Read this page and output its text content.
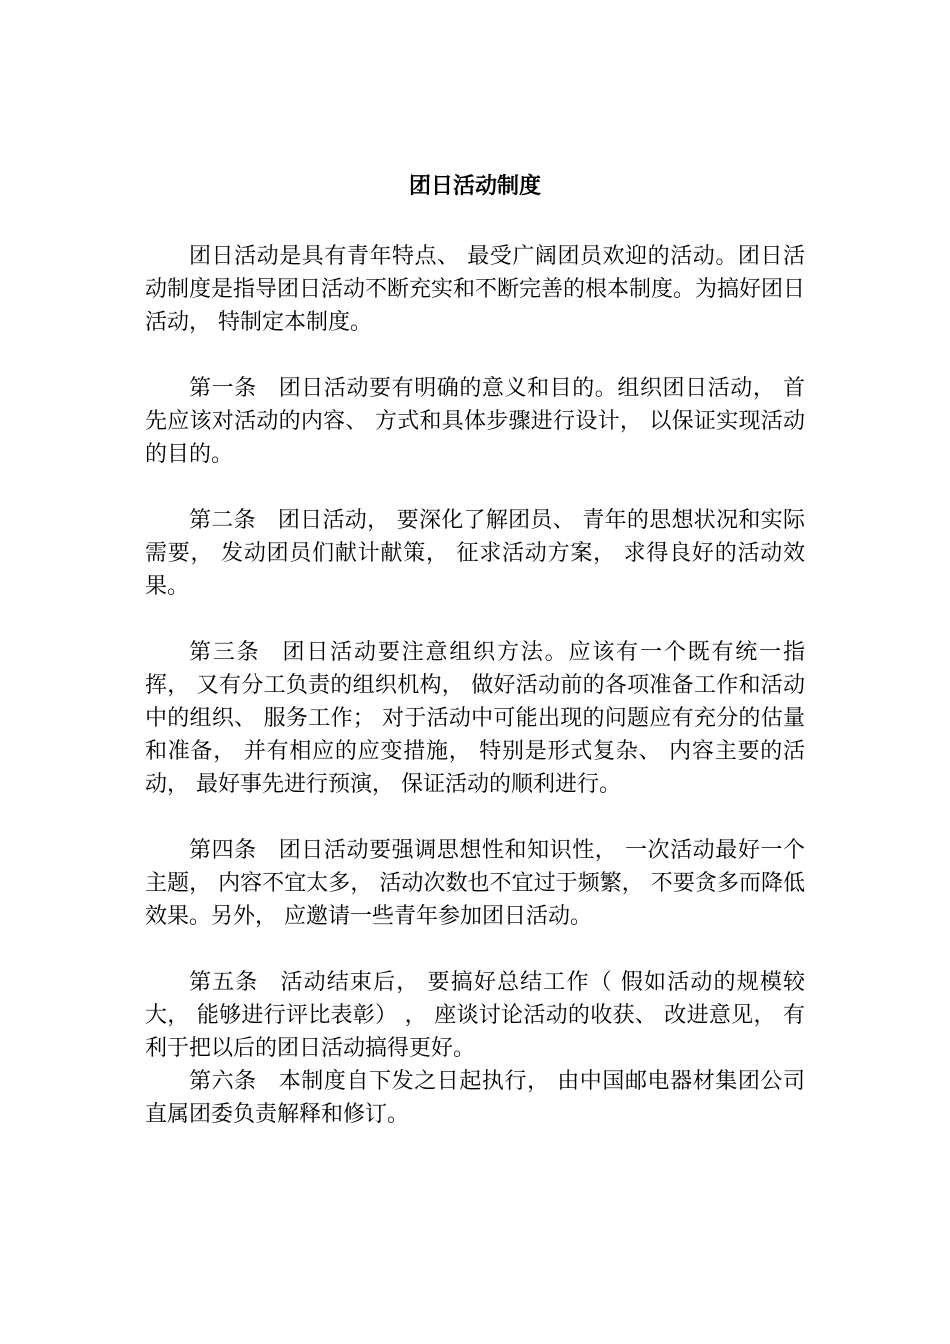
团日活动制度

团日活动是具有青年特点、 最受广阔团员欢迎的活动。团日活动制度是指导团日活动不断充实和不断完善的根本制度。为搞好团日活动， 特制定本制度。

第一条 团日活动要有明确的意义和目的。组织团日活动， 首先应该对活动的内容、 方式和具体步骤进行设计， 以保证实现活动的目的。

第二条 团日活动， 要深化了解团员、 青年的思想状况和实际需要， 发动团员们献计献策， 征求活动方案， 求得良好的活动效果。

第三条 团日活动要注意组织方法。应该有一个既有统一指挥， 又有分工负责的组织机构， 做好活动前的各项准备工作和活动中的组织、 服务工作； 对于活动中可能出现的问题应有充分的估量和准备， 并有相应的应变措施， 特别是形式复杂、 内容主要的活动， 最好事先进行预演， 保证活动的顺利进行。

第四条 团日活动要强调思想性和知识性， 一次活动最好一个主题， 内容不宜太多， 活动次数也不宜过于频繁， 不要贪多而降低效果。另外， 应邀请一些青年参加团日活动。

第五条 活动结束后， 要搞好总结工作（ 假如活动的规模较大， 能够进行评比表彰） ， 座谈讨论活动的收获、 改进意见， 有利于把以后的团日活动搞得更好。

第六条 本制度自下发之日起执行， 由中国邮电器材集团公司直属团委负责解释和修订。
